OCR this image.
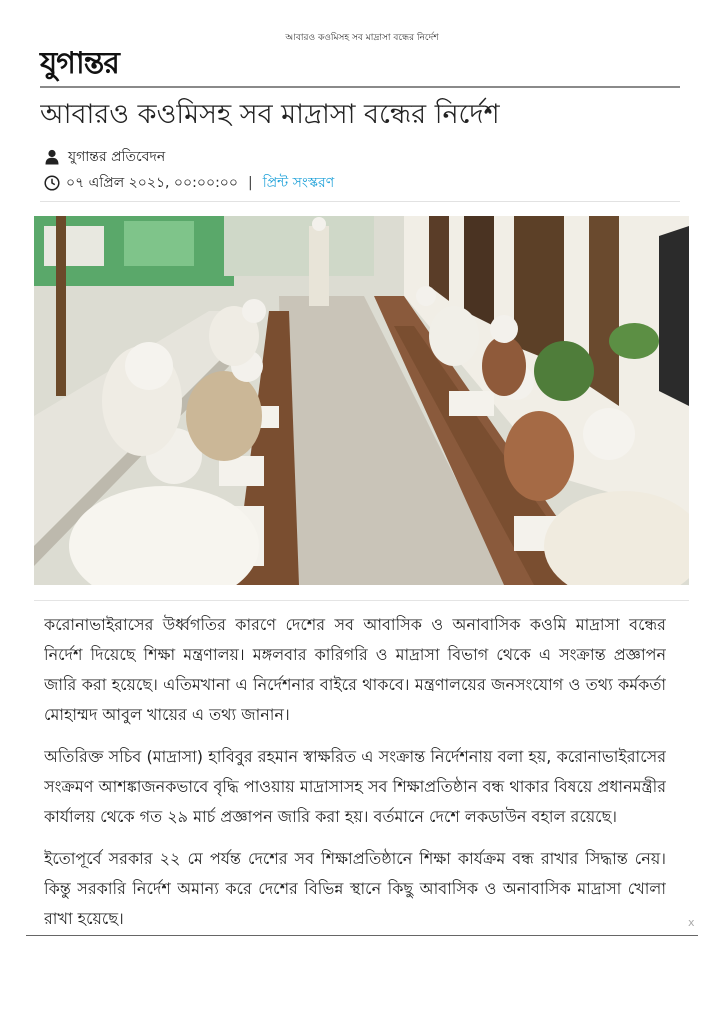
আবারও কওমিসহ সব মাদ্রাসা বন্ধের নির্দেশ
যুগান্তর
আবারও কওমিসহ সব মাদ্রাসা বন্ধের নির্দেশ
যুগান্তর প্রতিবেদন
০৭ এপ্রিল ২০২১, ০০:০০:০০ | প্রিন্ট সংস্করণ

করোনাভাইরাসের উর্ধ্বগতির কারণে দেশের সব আবাসিক ও অনাবাসিক কওমি মাদ্রাসা বন্ধের নির্দেশ দিয়েছে শিক্ষা মন্ত্রণালয়। মঙ্গলবার কারিগরি ও মাদ্রাসা বিভাগ থেকে এ সংক্রান্ত প্রজ্ঞাপন জারি করা হয়েছে। এতিমখানা এ নির্দেশনার বাইরে থাকবে। মন্ত্রণালয়ের জনসংযোগ ও তথ্য কর্মকর্তা মোহাম্মদ আবুল খায়ের এ তথ্য জানান।

অতিরিক্ত সচিব (মাদ্রাসা) হাবিবুর রহমান স্বাক্ষরিত এ সংক্রান্ত নির্দেশনায় বলা হয়, করোনাভাইরাসের সংক্রমণ আশঙ্কাজনকভাবে বৃদ্ধি পাওয়ায় মাদ্রাসাসহ সব শিক্ষাপ্রতিষ্ঠান বন্ধ থাকার বিষয়ে প্রধানমন্ত্রীর কার্যালয় থেকে গত ২৯ মার্চ প্রজ্ঞাপন জারি করা হয়। বর্তমানে দেশে লকডাউন বহাল রয়েছে।

ইতোপূর্বে সরকার ২২ মে পর্যন্ত দেশের সব শিক্ষাপ্রতিষ্ঠানে শিক্ষা কার্যক্রম বন্ধ রাখার সিদ্ধান্ত নেয়। কিন্তু সরকারি নির্দেশ অমান্য করে দেশের বিভিন্ন স্থানে কিছু আবাসিক ও অনাবাসিক মাদ্রাসা খোলা রাখা হয়েছে।	x
